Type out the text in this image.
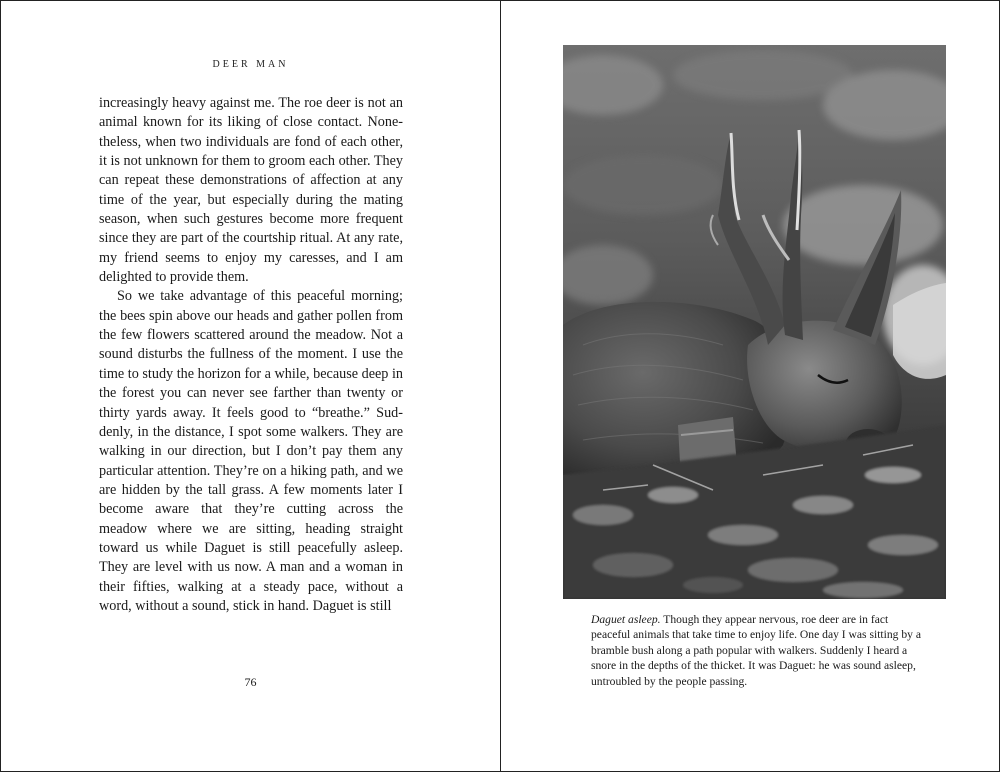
DEER MAN

increasingly heavy against me. The roe deer is not an animal known for its liking of close contact. Nonetheless, when two individuals are fond of each other, it is not unknown for them to groom each other. They can repeat these demonstrations of affection at any time of the year, but especially during the mating season, when such gestures become more frequent since they are part of the courtship ritual. At any rate, my friend seems to enjoy my caresses, and I am delighted to provide them.

So we take advantage of this peaceful morning; the bees spin above our heads and gather pollen from the few flowers scattered around the meadow. Not a sound disturbs the fullness of the moment. I use the time to study the horizon for a while, because deep in the forest you can never see farther than twenty or thirty yards away. It feels good to “breathe.” Suddenly, in the distance, I spot some walkers. They are walking in our direction, but I don’t pay them any particular attention. They’re on a hiking path, and we are hidden by the tall grass. A few moments later I become aware that they’re cutting across the meadow where we are sitting, heading straight toward us while Daguet is still peacefully asleep. They are level with us now. A man and a woman in their fifties, walking at a steady pace, without a word, without a sound, stick in hand. Daguet is still

76
Daguet asleep. Though they appear nervous, roe deer are in fact peaceful animals that take time to enjoy life. One day I was sitting by a bramble bush along a path popular with walkers. Suddenly I heard a snore in the depths of the thicket. It was Daguet: he was sound asleep, untroubled by the people passing.
